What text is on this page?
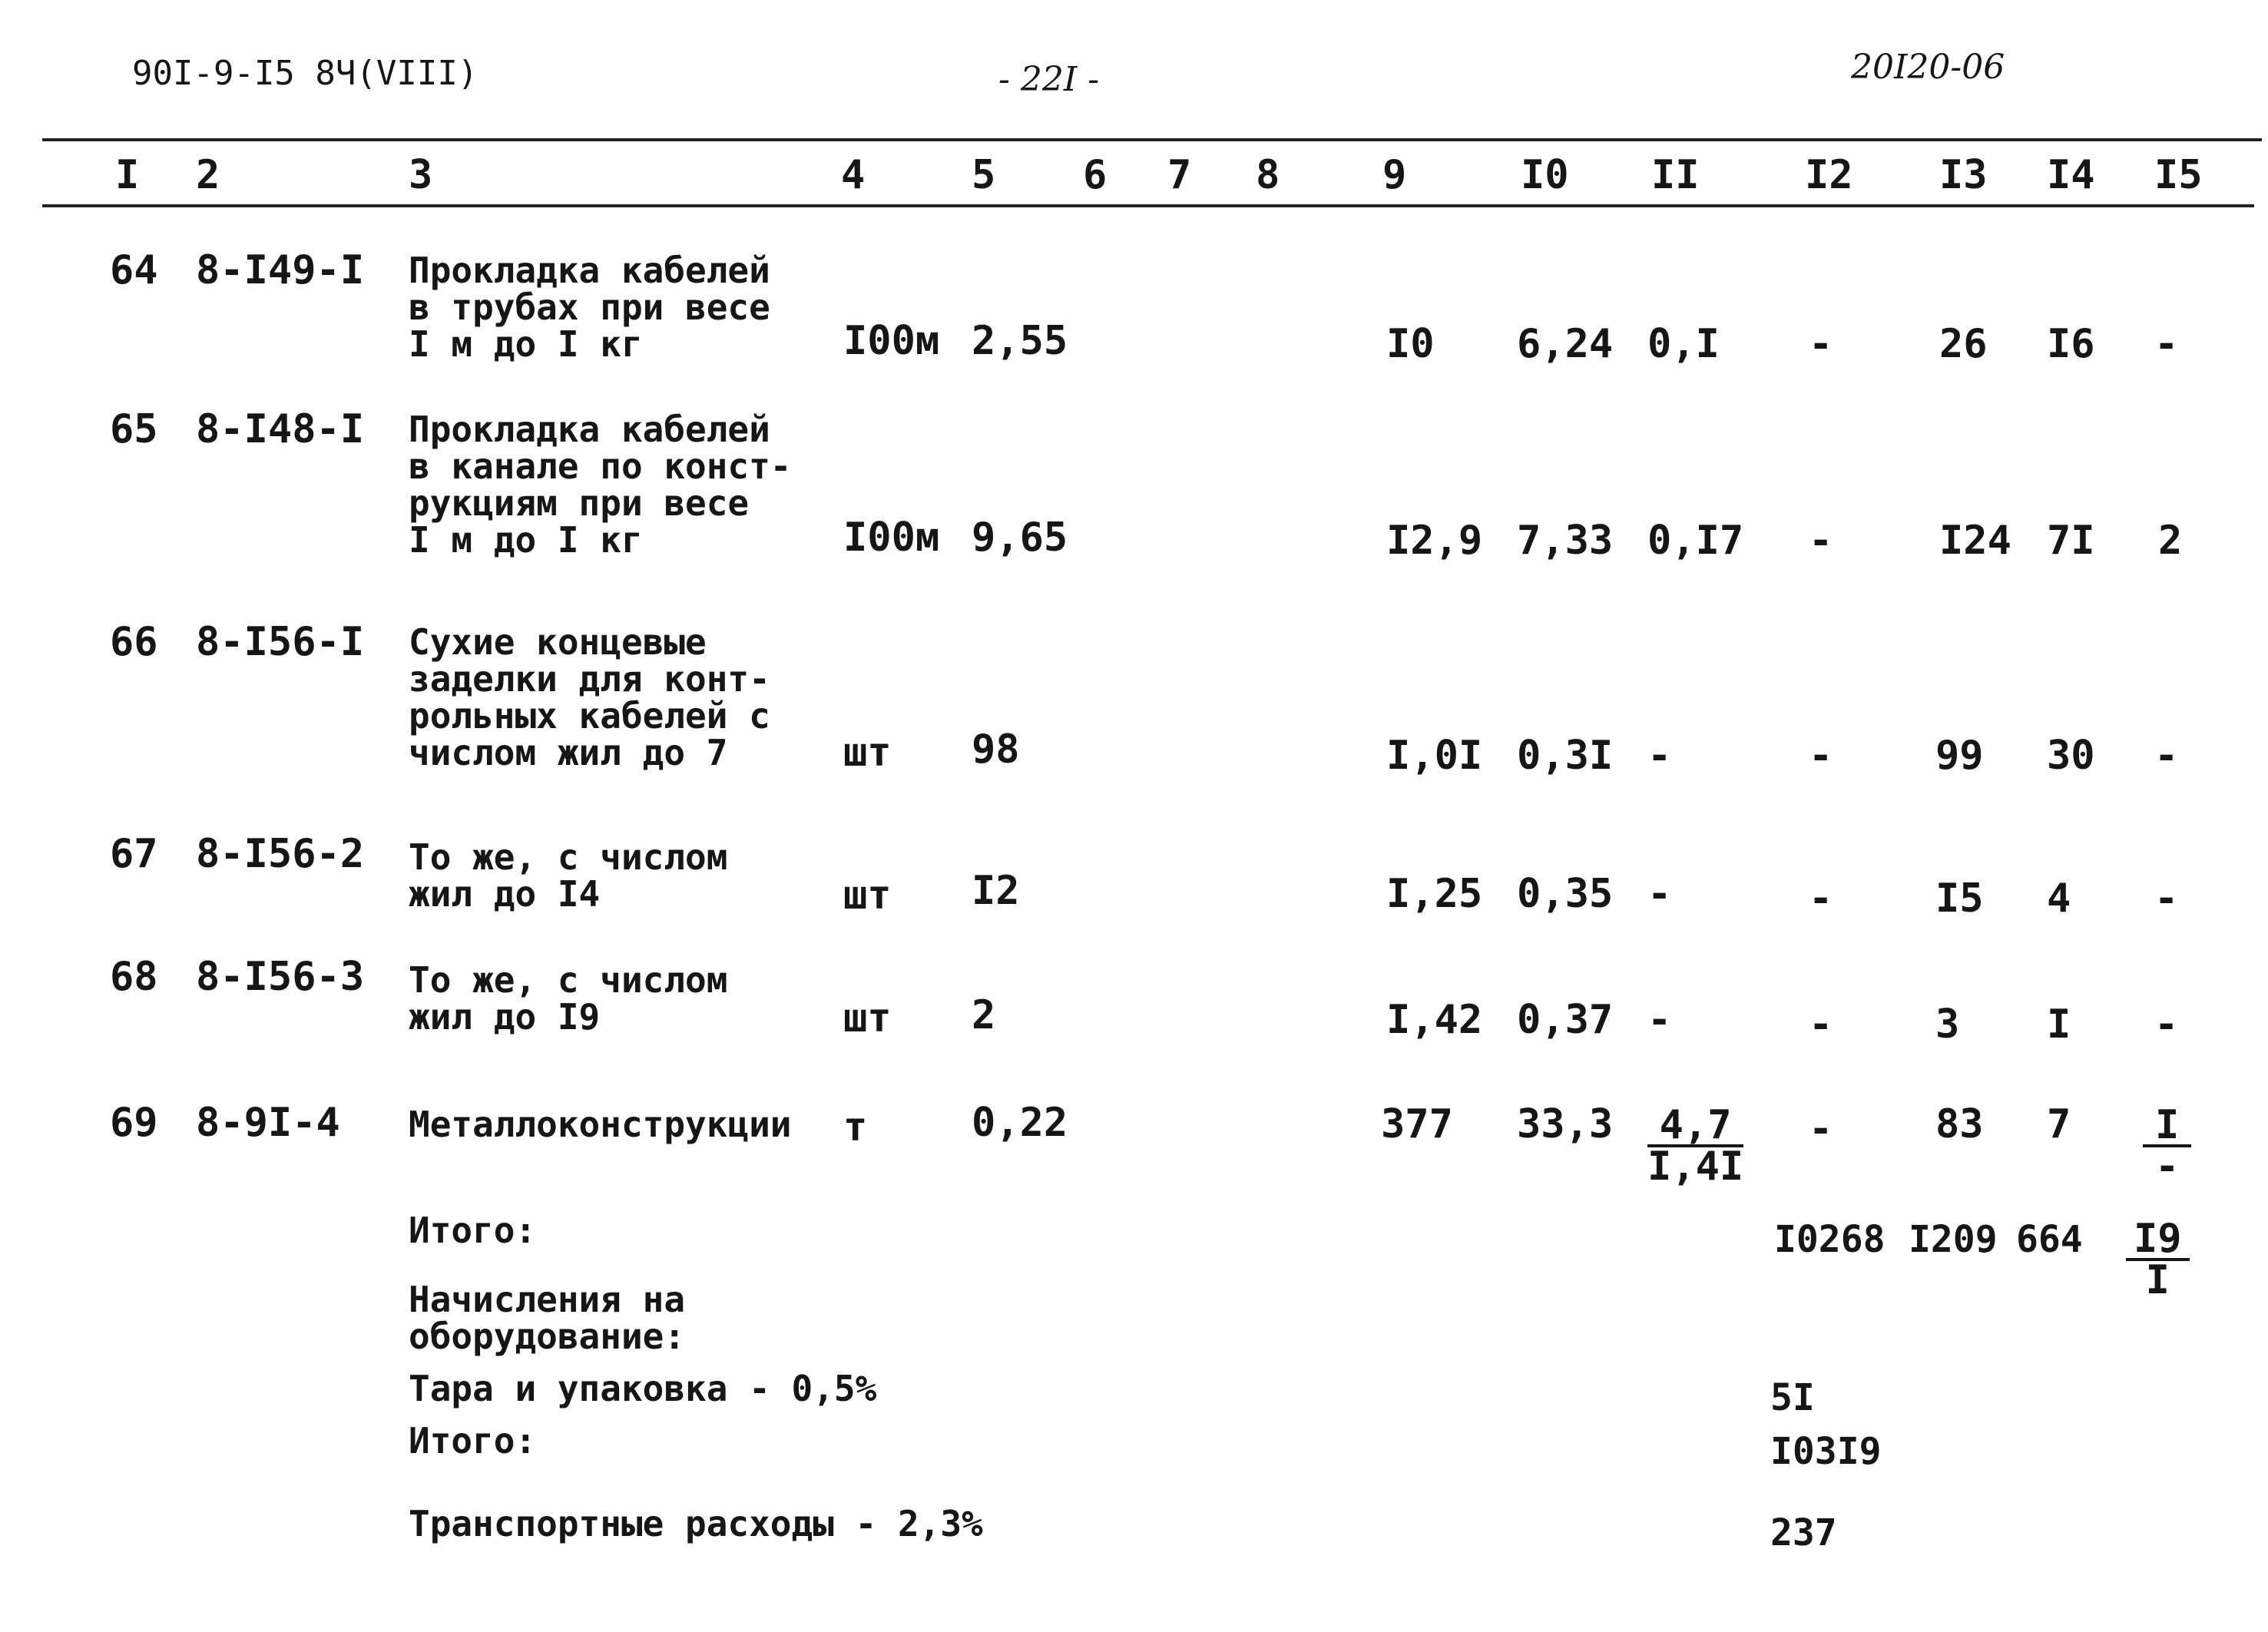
90I-9-I5 8Ч(VIII)	- 22I -	20I20-06
I 2	3	4	5 6 7 8	9	I0 II	I2 I3 I4 I5
64 8-I49-I Прокладка кабелей
в трубах при весе
I м до I кг	I00м 2,55	I0 6,24 0,I -	26 I6 -
65 8-I48-I Прокладка кабелей
в канале по конст-
рукциям при весе
I м до I кг	I00м 9,65	I2,9 7,33 0,I7 -	I24 7I 2
66 8-I56-I Сухие концевые
заделки для конт-
рольных кабелей с
числом жил до 7	шт 98	I,0I 0,3I -	-	99 30 -
67 8-I56-2 То же, с числом
жил до I4	шт I2	I,25 0,35 -	-	I5 4 -
68 8-I56-3 То же, с числом
жил до I9	шт 2	I,42 0,37 -	-	3 I -
69 8-9I-4 Металлоконструкции т	0,22	377 $33,3 \frac{4,7}{I,4I}$ -	83 $7 \frac{I}{-}$
Итого:	I0268 I209 $664 \frac{I9}{I}$
Начисления на
оборудование:
Тара и упаковка - 0,5%	5I
Итого:	I03I9
Транспортные расходы - 2,3%	237
